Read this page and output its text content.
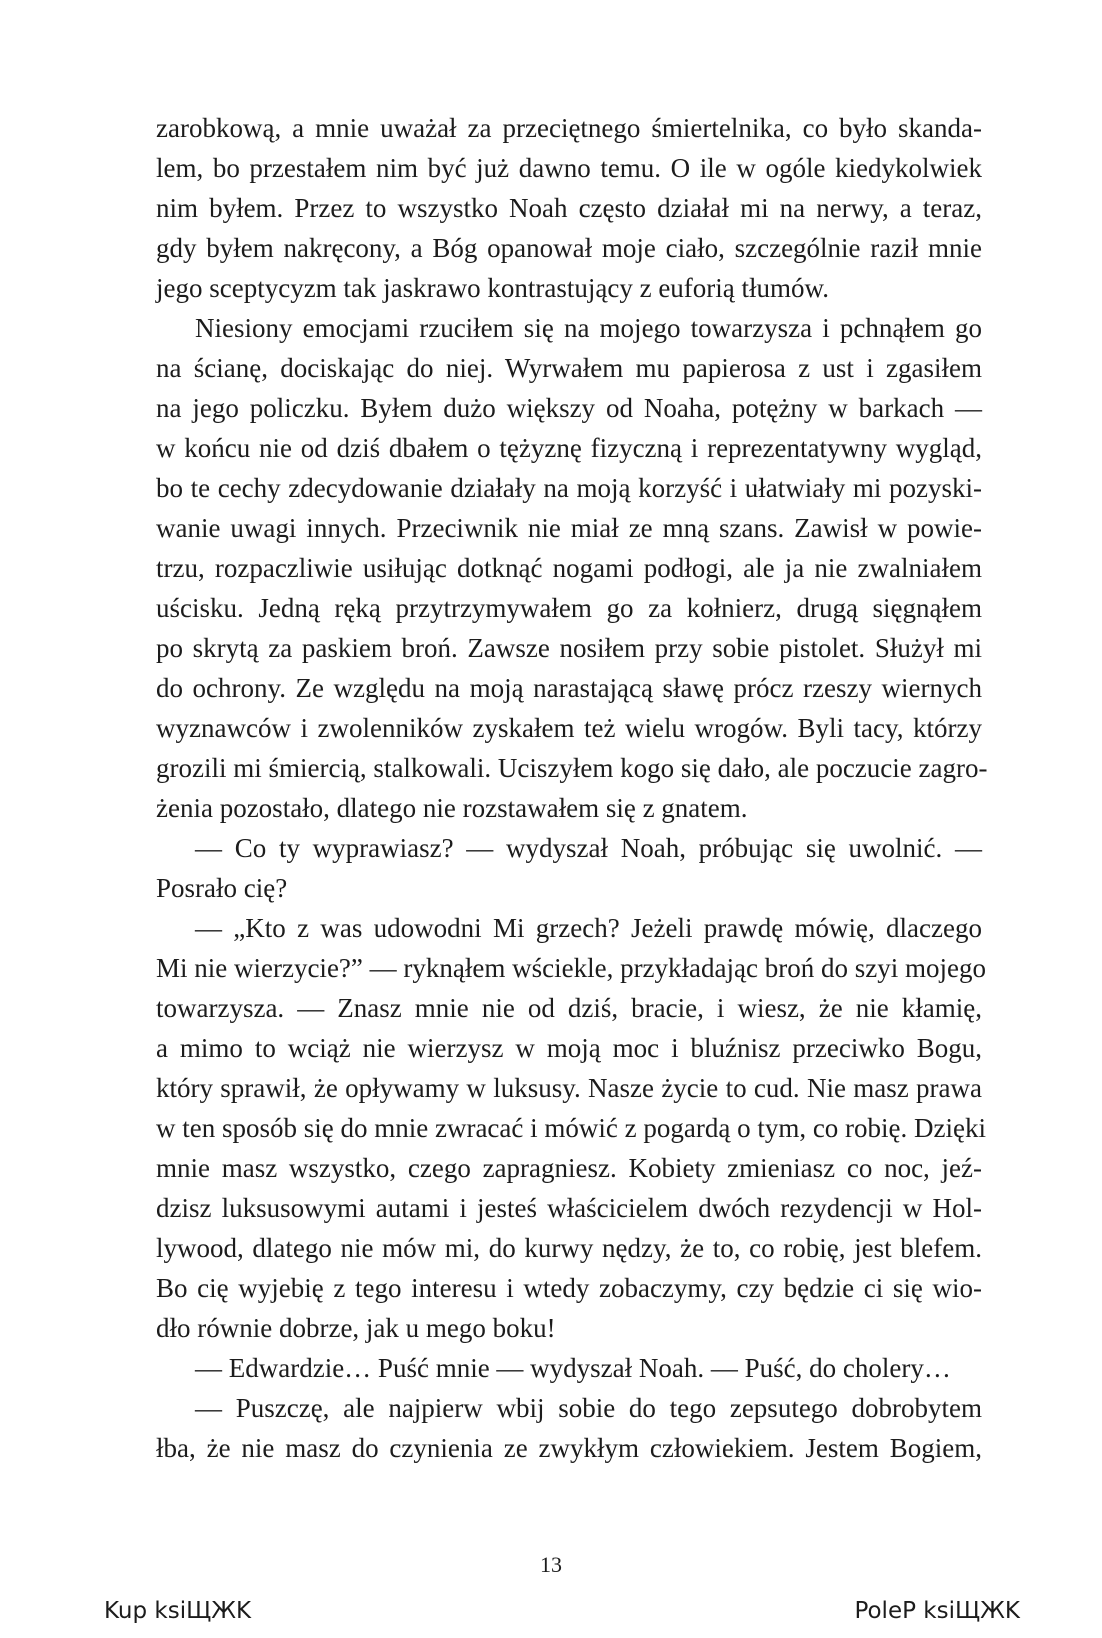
zarobkową, a mnie uważał za przeciętnego śmiertelnika, co było skanda-
lem, bo przestałem nim być już dawno temu. O ile w ogóle kiedykolwiek
nim byłem. Przez to wszystko Noah często działał mi na nerwy, a teraz,
gdy byłem nakręcony, a Bóg opanował moje ciało, szczególnie raził mnie
jego sceptycyzm tak jaskrawo kontrastujący z euforią tłumów.
Niesiony emocjami rzuciłem się na mojego towarzysza i pchnąłem go
na ścianę, dociskając do niej. Wyrwałem mu papierosa z ust i zgasiłem
na jego policzku. Byłem dużo większy od Noaha, potężny w barkach —
w końcu nie od dziś dbałem o tężyznę fizyczną i reprezentatywny wygląd,
bo te cechy zdecydowanie działały na moją korzyść i ułatwiały mi pozyski-
wanie uwagi innych. Przeciwnik nie miał ze mną szans. Zawisł w powie-
trzu, rozpaczliwie usiłując dotknąć nogami podłogi, ale ja nie zwalniałem
uścisku. Jedną ręką przytrzymywałem go za kołnierz, drugą sięgnąłem
po skrytą za paskiem broń. Zawsze nosiłem przy sobie pistolet. Służył mi
do ochrony. Ze względu na moją narastającą sławę prócz rzeszy wiernych
wyznawców i zwolenników zyskałem też wielu wrogów. Byli tacy, którzy
grozili mi śmiercią, stalkowali. Uciszyłem kogo się dało, ale poczucie zagro-
żenia pozostało, dlatego nie rozstawałem się z gnatem.
— Co ty wyprawiasz? — wydyszał Noah, próbując się uwolnić. —
Posrało cię?
— „Kto z was udowodni Mi grzech? Jeżeli prawdę mówię, dlaczego
Mi nie wierzycie?” — ryknąłem wściekle, przykładając broń do szyi mojego
towarzysza. — Znasz mnie nie od dziś, bracie, i wiesz, że nie kłamię,
a mimo to wciąż nie wierzysz w moją moc i bluźnisz przeciwko Bogu,
który sprawił, że opływamy w luksusy. Nasze życie to cud. Nie masz prawa
w ten sposób się do mnie zwracać i mówić z pogardą o tym, co robię. Dzięki
mnie masz wszystko, czego zapragniesz. Kobiety zmieniasz co noc, jeź-
dzisz luksusowymi autami i jesteś właścicielem dwóch rezydencji w Hol-
lywood, dlatego nie mów mi, do kurwy nędzy, że to, co robię, jest blefem.
Bo cię wyjebię z tego interesu i wtedy zobaczymy, czy będzie ci się wio-
dło równie dobrze, jak u mego boku!
— Edwardzie… Puść mnie — wydyszał Noah. — Puść, do cholery…
— Puszczę, ale najpierw wbij sobie do tego zepsutego dobrobytem
łba, że nie masz do czynienia ze zwykłym człowiekiem. Jestem Bogiem,
13
Kup ksiЩЖK	PoleP ksiЩЖK
